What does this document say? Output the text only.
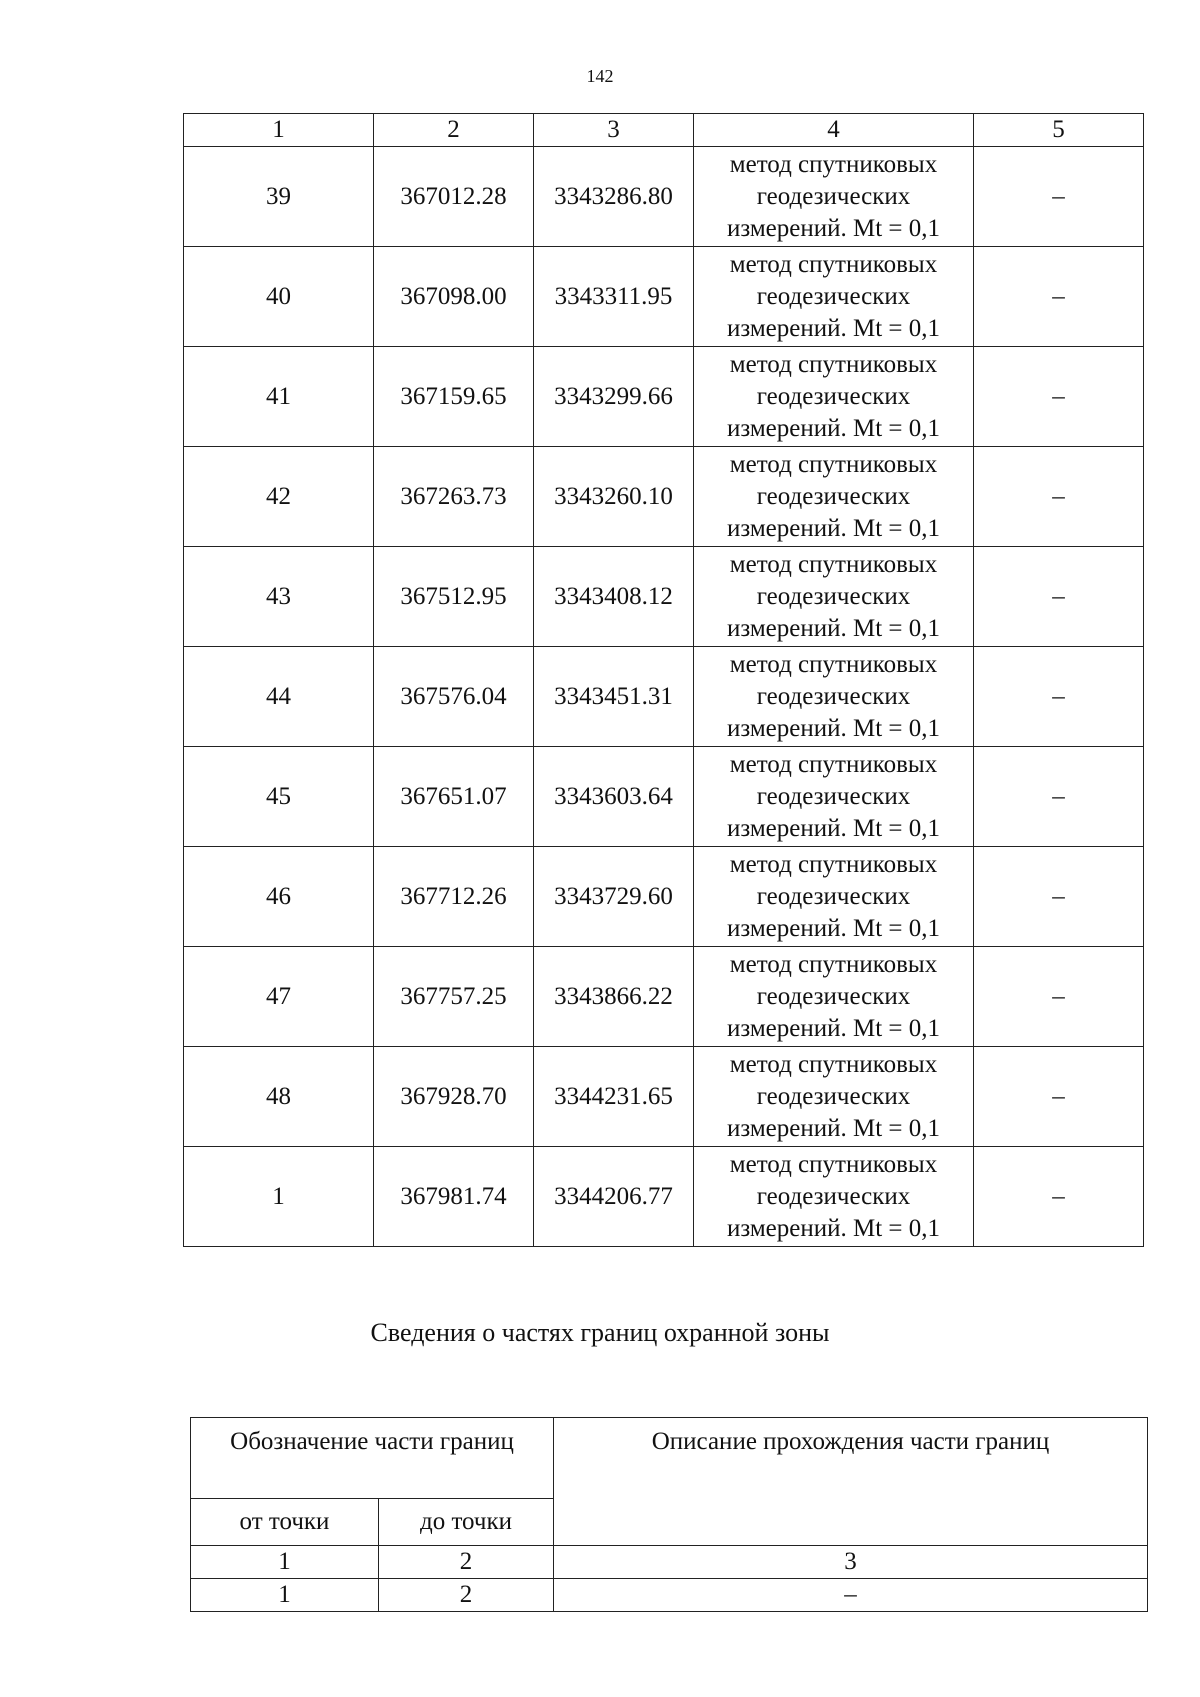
142
1	2	3	4	5
39	367012.28	3343286.80	метод спутниковых геодезических измерений. Mt = 0,1	–
40	367098.00	3343311.95	метод спутниковых геодезических измерений. Mt = 0,1	–
41	367159.65	3343299.66	метод спутниковых геодезических измерений. Mt = 0,1	–
42	367263.73	3343260.10	метод спутниковых геодезических измерений. Mt = 0,1	–
43	367512.95	3343408.12	метод спутниковых геодезических измерений. Mt = 0,1	–
44	367576.04	3343451.31	метод спутниковых геодезических измерений. Mt = 0,1	–
45	367651.07	3343603.64	метод спутниковых геодезических измерений. Mt = 0,1	–
46	367712.26	3343729.60	метод спутниковых геодезических измерений. Mt = 0,1	–
47	367757.25	3343866.22	метод спутниковых геодезических измерений. Mt = 0,1	–
48	367928.70	3344231.65	метод спутниковых геодезических измерений. Mt = 0,1	–
1	367981.74	3344206.77	метод спутниковых геодезических измерений. Mt = 0,1	–
Сведения о частях границ охранной зоны
Обозначение части границ		Описание прохождения части границ
от точки	до точки	
1	2	3
1	2	–
